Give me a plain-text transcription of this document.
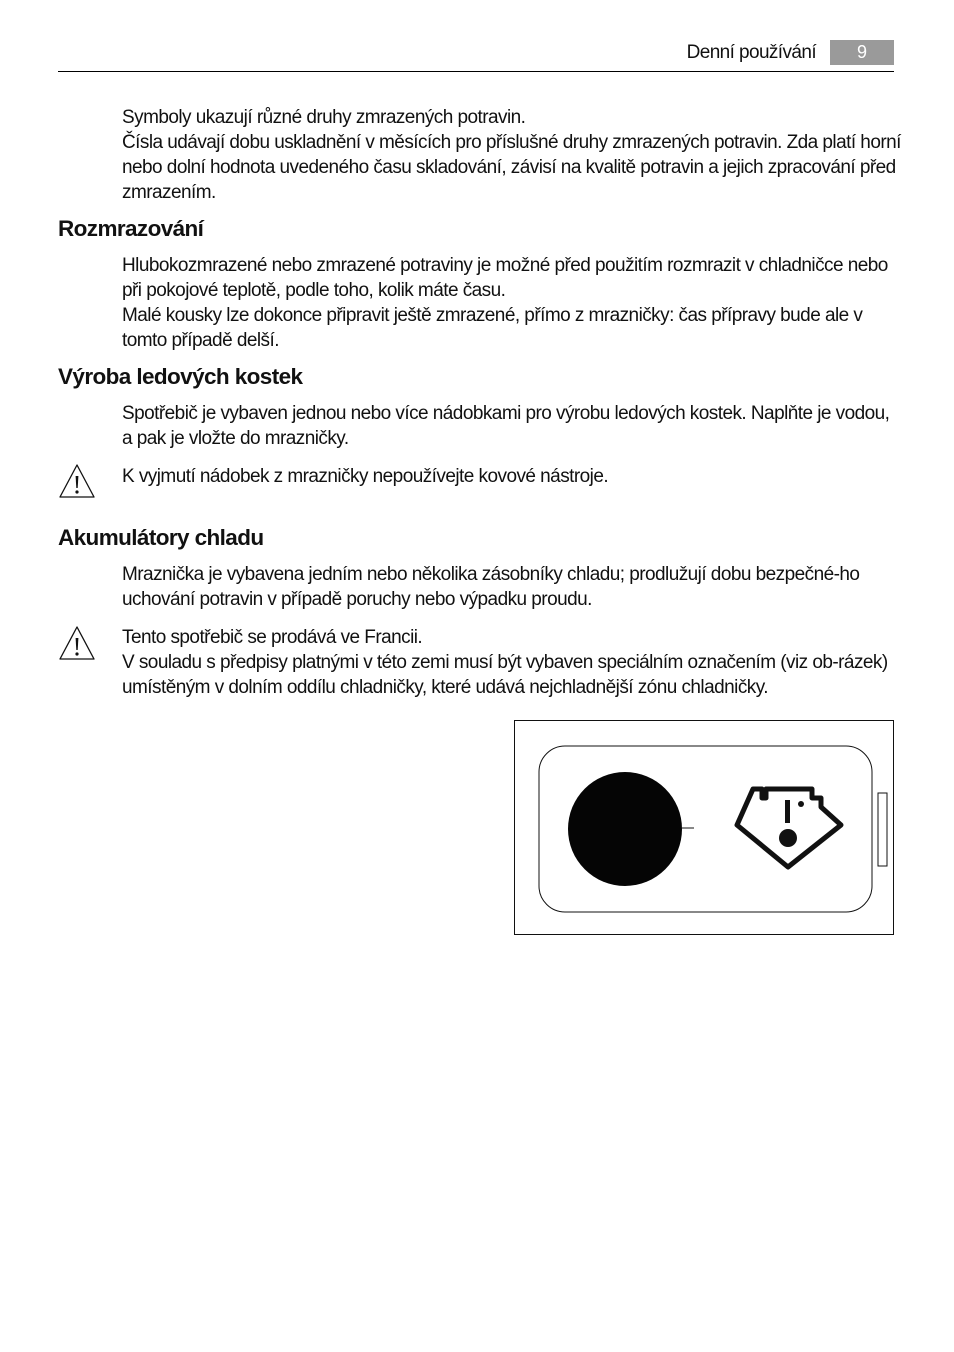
Denní používání	9

Symboly ukazují různé druhy zmrazených potravin.

Čísla udávají dobu uskladnění v měsících pro příslušné druhy zmrazených potravin. Zda platí horní nebo dolní hodnota uvedeného času skladování, závisí na kvalitě potravin a jejich zpracování před zmrazením.

Rozmrazování

Hlubokozmrazené nebo zmrazené potraviny je možné před použitím rozmrazit v chladničce nebo při pokojové teplotě, podle toho, kolik máte času.

Malé kousky lze dokonce připravit ještě zmrazené, přímo z mrazničky: čas přípravy bude ale v tomto případě delší.

Výroba ledových kostek

Spotřebič je vybaven jednou nebo více nádobkami pro výrobu ledových kostek. Naplňte je vodou, a pak je vložte do mrazničky.

K vyjmutí nádobek z mrazničky nepoužívejte kovové nástroje.

Akumulátory chladu

Mraznička je vybavena jedním nebo několika zásobníky chladu; prodlužují dobu bezpečné-ho uchování potravin v případě poruchy nebo výpadku proudu.

Tento spotřebič se prodává ve Francii.

V souladu s předpisy platnými v této zemi musí být vybaven speciálním označením (viz ob-rázek) umístěným v dolním oddílu chladničky, které udává nejchladnější zónu chladničky.
